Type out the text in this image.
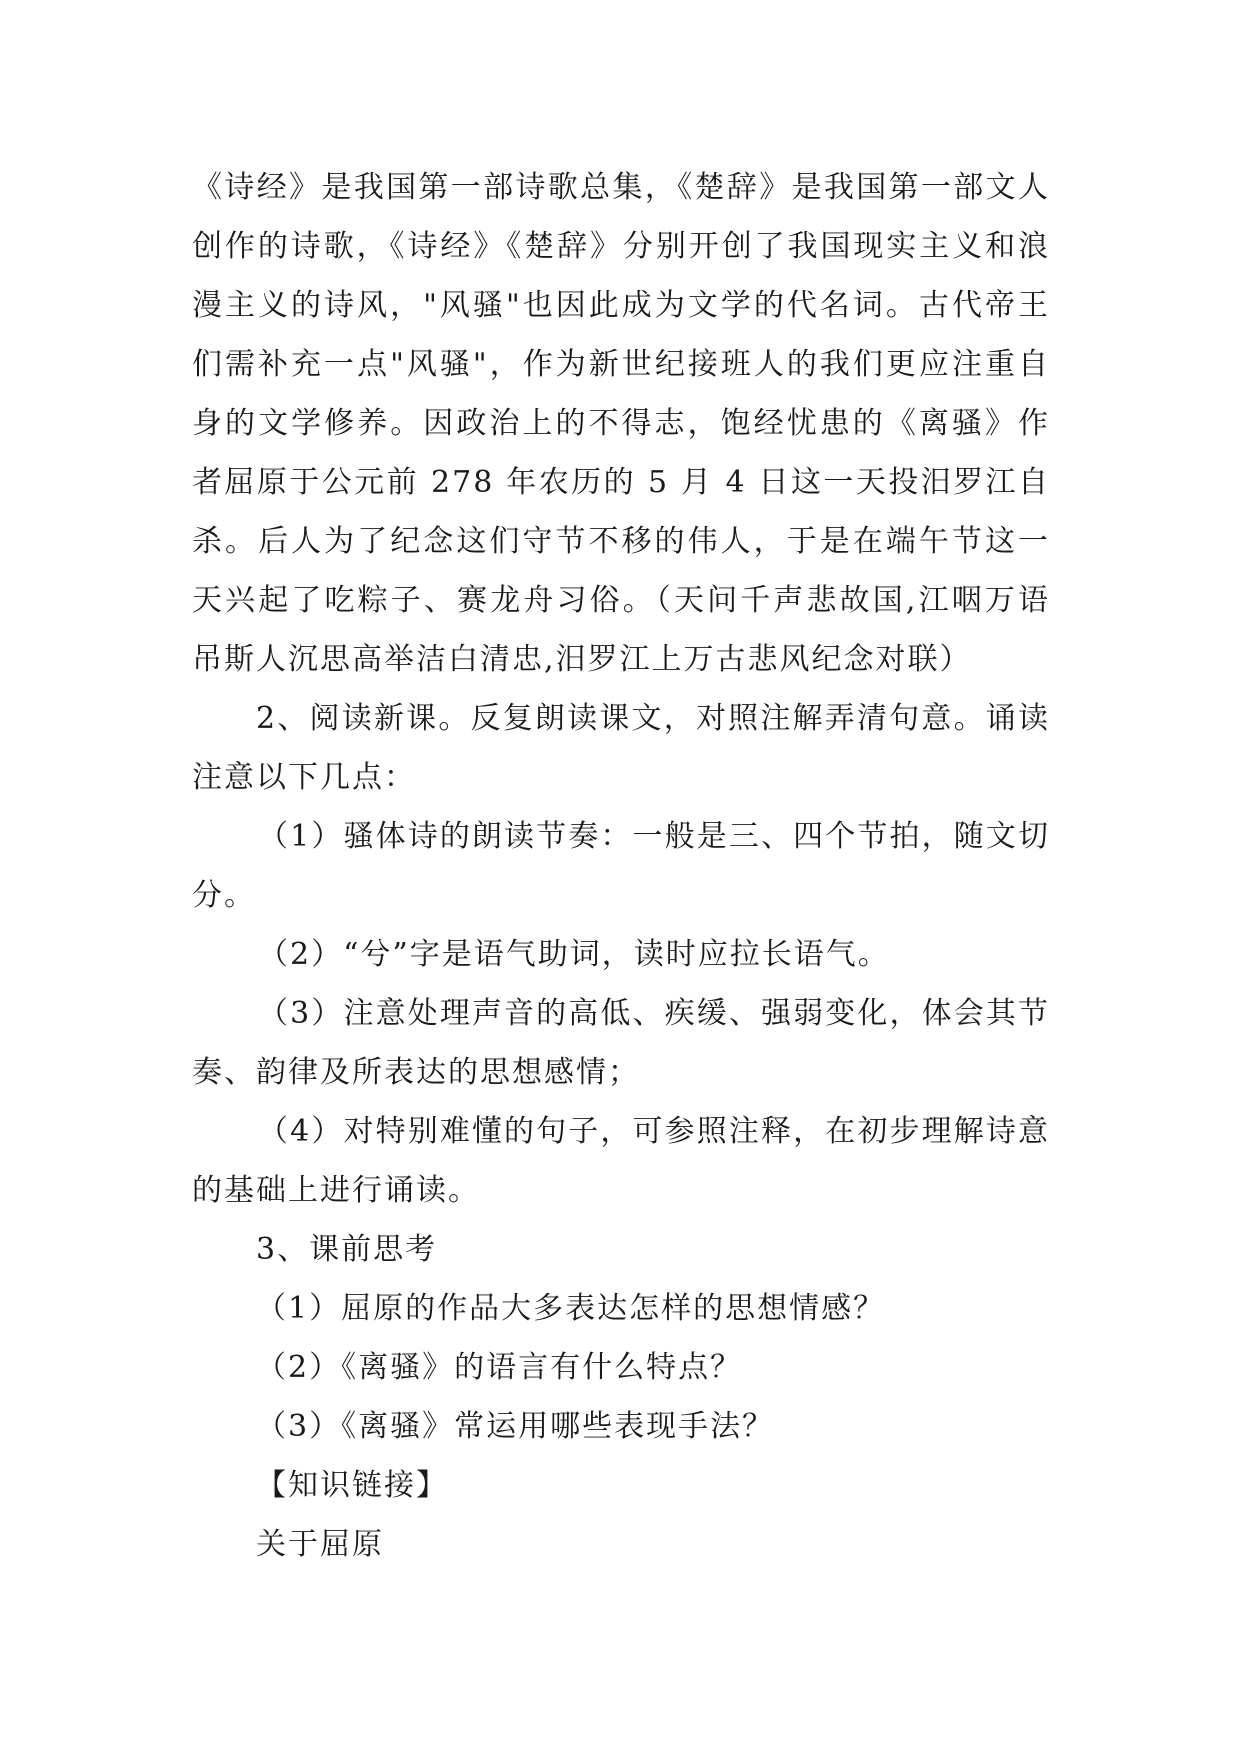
《诗经》是我国第一部诗歌总集，《楚辞》是我国第一部文人创作的诗歌，《诗经》《楚辞》分别开创了我国现实主义和浪漫主义的诗风，"风骚"也因此成为文学的代名词。古代帝王们需补充一点"风骚"，作为新世纪接班人的我们更应注重自身的文学修养。因政治上的不得志，饱经忧患的《离骚》作者屈原于公元前 278 年农历的 5 月 4 日这一天投汨罗江自杀。后人为了纪念这们守节不移的伟人，于是在端午节这一天兴起了吃粽子、赛龙舟习俗。（天问千声悲故国,江咽万语吊斯人沉思高举洁白清忠,汨罗江上万古悲风纪念对联）

2、阅读新课。反复朗读课文，对照注解弄清句意。诵读注意以下几点：

（1）骚体诗的朗读节奏：一般是三、四个节拍，随文切分。

（2）“兮”字是语气助词，读时应拉长语气。

（3）注意处理声音的高低、疾缓、强弱变化，体会其节奏、韵律及所表达的思想感情；

（4）对特别难懂的句子，可参照注释，在初步理解诗意的基础上进行诵读。

3、课前思考

（1）屈原的作品大多表达怎样的思想情感？

（2）《离骚》的语言有什么特点？

（3）《离骚》常运用哪些表现手法？

【知识链接】

关于屈原
